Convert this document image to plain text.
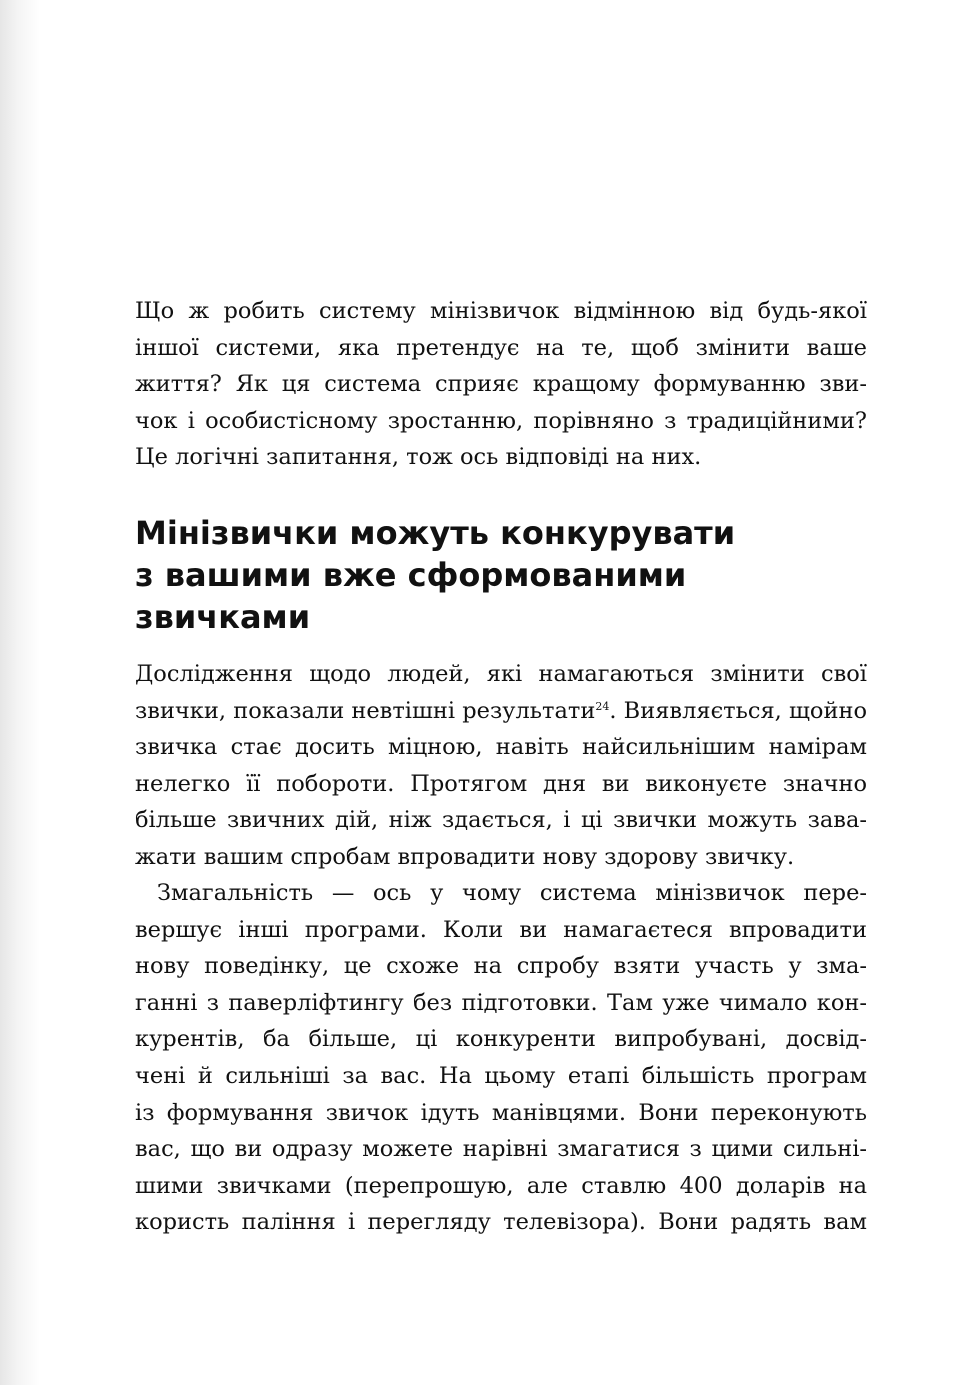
Що ж робить систему мінізвичок відмінною від будь-якої
іншої системи, яка претендує на те, щоб змінити ваше
життя? Як ця система сприяє кращому формуванню зви-
чок і особистісному зростанню, порівняно з традиційними?
Це логічні запитання, тож ось відповіді на них.
Мінізвички можуть конкурувати
з вашими вже сформованими
звичками
Дослідження щодо людей, які намагаються змінити свої
звички, показали невтішні результати$^{24}$. Виявляється, щойно
звичка стає досить міцною, навіть найсильнішим намірам
нелегко її побороти. Протягом дня ви виконуєте значно
більше звичних дій, ніж здається, і ці звички можуть зава-
жати вашим спробам впровадити нову здорову звичку.
Змагальність — ось у чому система мінізвичок пере-
вершує інші програми. Коли ви намагаєтеся впровадити
нову поведінку, це схоже на спробу взяти участь у зма-
ганні з паверліфтингу без підготовки. Там уже чимало кон-
курентів, ба більше, ці конкуренти випробувані, досвід-
чені й сильніші за вас. На цьому етапі більшість програм
із формування звичок ідуть манівцями. Вони переконують
вас, що ви одразу можете нарівні змагатися з цими сильні-
шими звичками (перепрошую, але ставлю 400 доларів на
користь паління і перегляду телевізора). Вони радять вам
